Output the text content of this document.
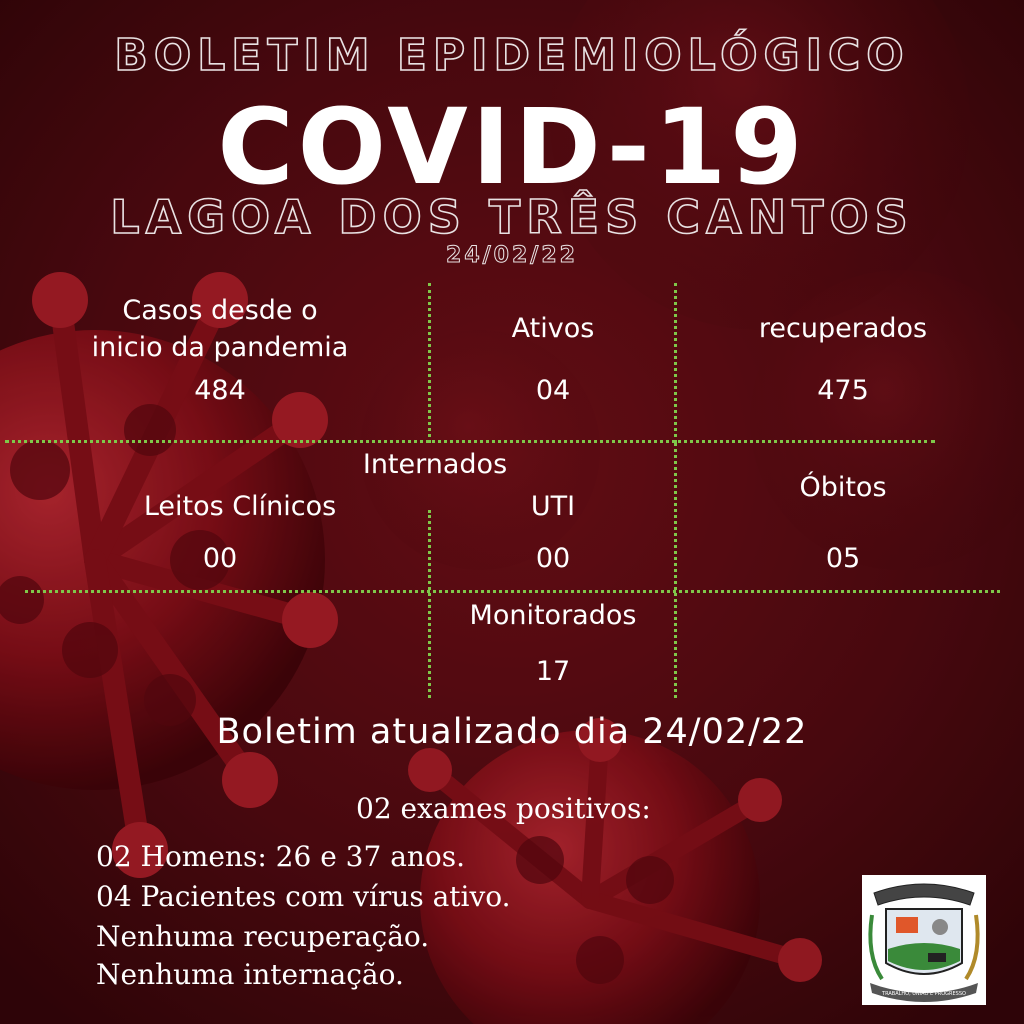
BOLETIM EPIDEMIOLÓGICO
COVID-19
LAGOA DOS TRÊS CANTOS
24/02/22
Casos desde o
inicio da pandemia
484
Ativos
04
recuperados
475
Internados
Leitos Clínicos
00
UTI
00
Óbitos
05
Monitorados
17
Boletim atualizado dia 24/02/22
02 exames positivos:
02 Homens: 26 e 37 anos.
04 Pacientes com vírus ativo.
Nenhuma recuperação.
Nenhuma internação.
TRABALHO, UNIÃO E PROGRESSO
